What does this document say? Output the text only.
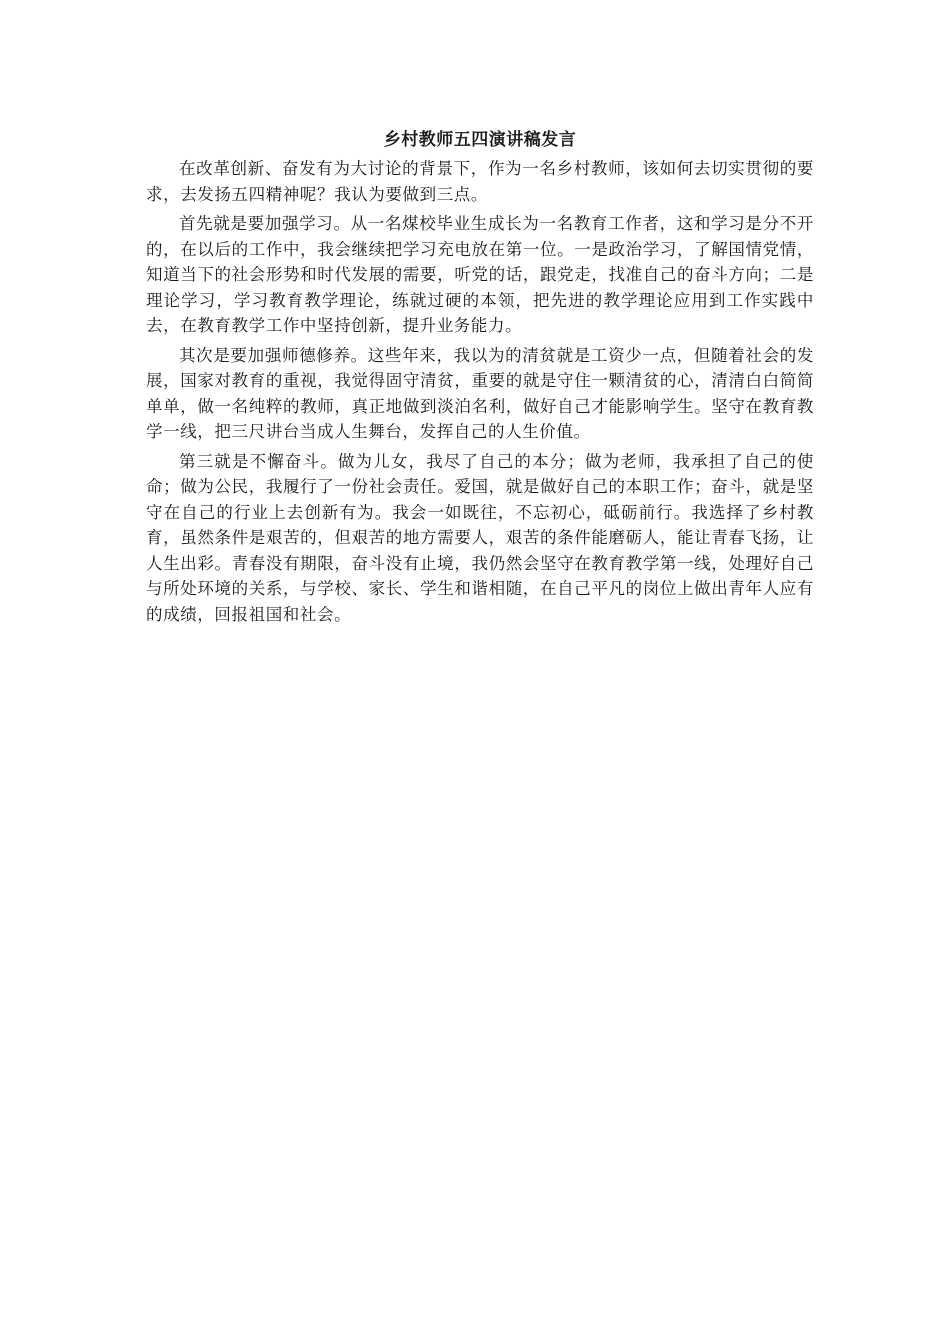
乡村教师五四演讲稿发言

在改革创新、奋发有为大讨论的背景下，作为一名乡村教师，该如何去切实贯彻的要求，去发扬五四精神呢？我认为要做到三点。

首先就是要加强学习。从一名煤校毕业生成长为一名教育工作者，这和学习是分不开的，在以后的工作中，我会继续把学习充电放在第一位。一是政治学习，了解国情党情，知道当下的社会形势和时代发展的需要，听党的话，跟党走，找准自己的奋斗方向；二是理论学习，学习教育教学理论，练就过硬的本领，把先进的教学理论应用到工作实践中去，在教育教学工作中坚持创新，提升业务能力。

其次是要加强师德修养。这些年来，我以为的清贫就是工资少一点，但随着社会的发展，国家对教育的重视，我觉得固守清贫，重要的就是守住一颗清贫的心，清清白白简简单单，做一名纯粹的教师，真正地做到淡泊名利，做好自己才能影响学生。坚守在教育教学一线，把三尺讲台当成人生舞台，发挥自己的人生价值。

第三就是不懈奋斗。做为儿女，我尽了自己的本分；做为老师，我承担了自己的使命；做为公民，我履行了一份社会责任。爱国，就是做好自己的本职工作；奋斗，就是坚守在自己的行业上去创新有为。我会一如既往，不忘初心，砥砺前行。我选择了乡村教育，虽然条件是艰苦的，但艰苦的地方需要人，艰苦的条件能磨砺人，能让青春飞扬，让人生出彩。青春没有期限，奋斗没有止境，我仍然会坚守在教育教学第一线，处理好自己与所处环境的关系，与学校、家长、学生和谐相随，在自己平凡的岗位上做出青年人应有的成绩，回报祖国和社会。
